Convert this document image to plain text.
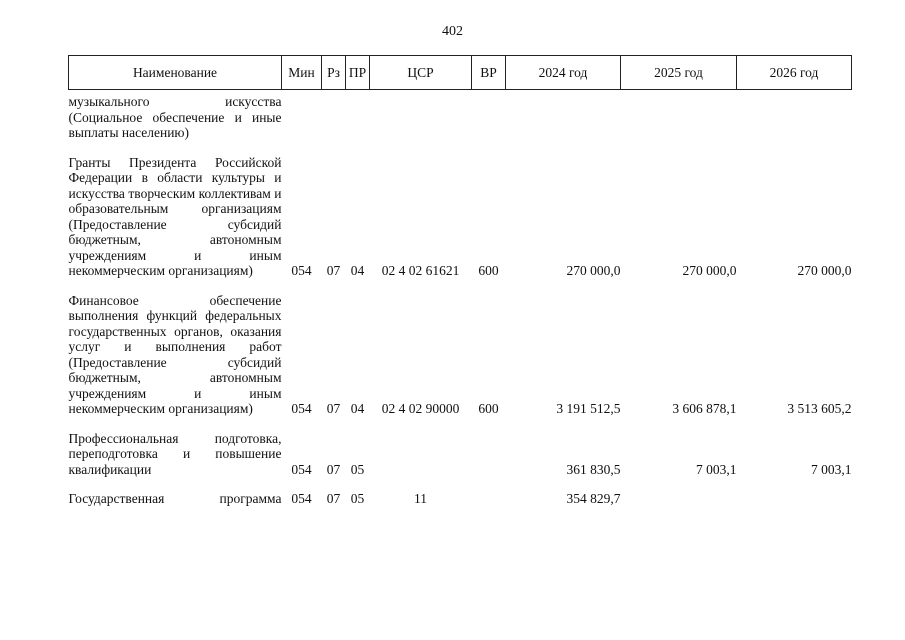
402
Наименование	Мин	Рз	ПР	ЦСР	ВР	2024 год	2025 год	2026 год
музыкального искусства (Социальное обеспечение и иные выплаты населению)								
Гранты Президента Российской Федерации в области культуры и искусства творческим коллективам и образовательным организациям (Предоставление субсидий бюджетным, автономным учреждениям и иным некоммерческим организациям)	054	07	04	02 4 02 61621	600	270 000,0	270 000,0	270 000,0
Финансовое обеспечение выполнения функций федеральных государственных органов, оказания услуг и выполнения работ (Предоставление субсидий бюджетным, автономным учреждениям и иным некоммерческим организациям)	054	07	04	02 4 02 90000	600	3 191 512,5	3 606 878,1	3 513 605,2
Профессиональная подготовка, переподготовка и повышение квалификации	054	07	05			361 830,5	7 003,1	7 003,1
Государственная программа	054	07	05	11		354 829,7		
